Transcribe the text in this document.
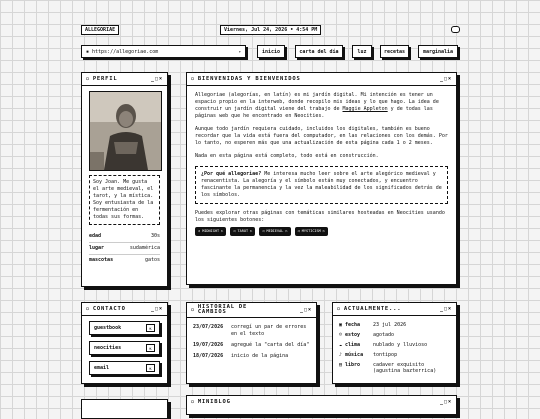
ALLEGORIAE	Viernes, Jul 24, 2026 • 4:54 PM
▪ https://allegoriae.com	▾	inicio	carta del día	luz	recetas	marginalia
○ PERFIL	_□×
Soy Joan. Me gusta el arte medieval, el tarot, y la mística. Soy entusiasta de la fermentación en todas sus formas.
edad	30s
lugar	sudamérica
mascotas	gatos
○ CONTACTO	_□×
guestbook	⇱
neocities	⇱
email	⇱
○ BIENVENIDAS Y BIENVENIDOS	_□×

Allegoriae (alegorías, en latín) es mi jardín digital. Mi intención es tener un espacio propio en la interweb, donde recopilo mis ideas y lo que hago. La idea de construir un jardín digital viene del trabajo de Maggie Appleton y de todas las páginas web que he encontrado en Neocities.

Aunque todo jardín requiera cuidado, incluidos los digitales, también es bueno recordar que la vida está fuera del computador, en las relaciones con los demás. Por lo tanto, no esperen más que una actualización de esta página cada 1 o 2 meses.

Nada en esta página está completo, todo está en construcción.

¿Por qué allegoriae? Me interesa mucho leer sobre el arte alegórico medieval y renacentista. La alegoría y el símbolo están muy conectados, y encuentro fascinante la permanencia y la vez la maleabilidad de los significados detrás de los símbolos.

Puedes explorar otras páginas con temáticas similares hosteadas en Neocities usando los siguientes botones:

◁ MIDNIGHT ▷	◁ TAROT ▷	◁ MEDIEVAL ▷	◁ MYSTICISM ▷
○ HISTORIAL DE CAMBIOS	_□×
23/07/2026	corregí un par de errores en el texto
19/07/2026	agregué la "carta del día"
18/07/2026	inicio de la página
○ ACTUALMENTE...	_□×
▣ fecha	23 jul 2026
☺ estoy	agotado
☁ clima	nublado y lluvioso
♪ música	tontipop
▤ libro	cadaver exquisito (agustina bazterrica)
○ MINIBLOG	_□×
